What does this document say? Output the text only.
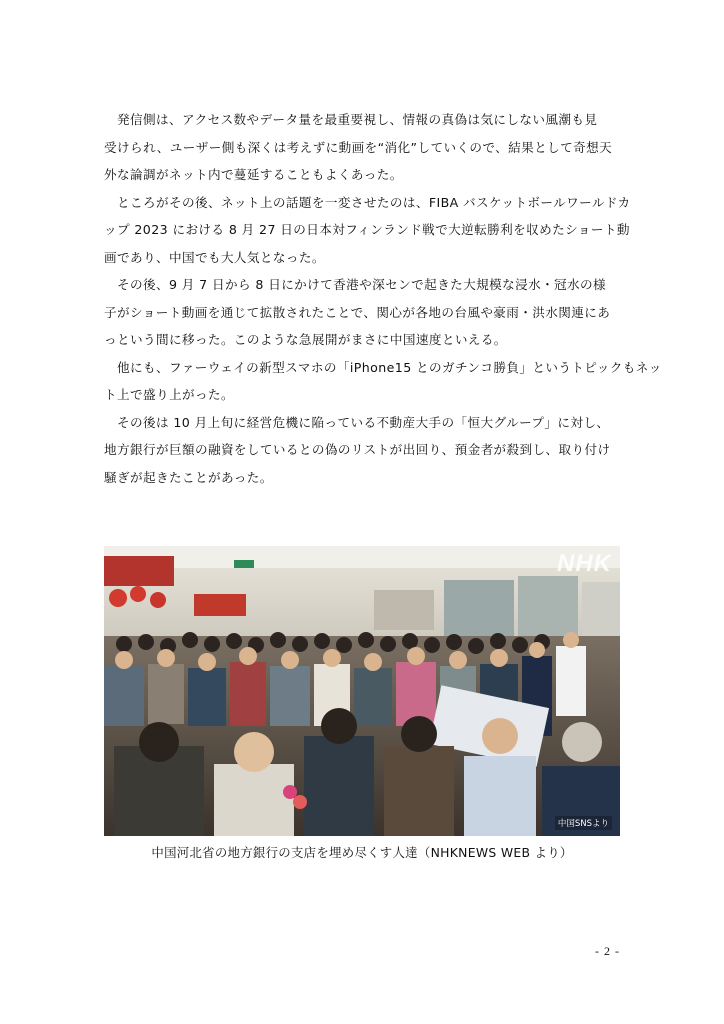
　発信側は、アクセス数やデータ量を最重要視し、情報の真偽は気にしない風潮も見
受けられ、ユーザー側も深くは考えずに動画を“消化”していくので、結果として奇想天
外な論調がネット内で蔓延することもよくあった。

　ところがその後、ネット上の話題を一変させたのは、FIBA バスケットボールワールドカ
ップ 2023 における 8 月 27 日の日本対フィンランド戦で大逆転勝利を収めたショート動
画であり、中国でも大人気となった。

　その後、9 月 7 日から 8 日にかけて香港や深センで起きた大規模な浸水・冠水の様
子がショート動画を通じて拡散されたことで、関心が各地の台風や豪雨・洪水関連にあ
っという間に移った。このような急展開がまさに中国速度といえる。

　他にも、ファーウェイの新型スマホの「iPhone15 とのガチンコ勝負」というトピックもネッ
ト上で盛り上がった。

　その後は 10 月上旬に経営危機に陥っている不動産大手の「恒大グループ」に対し、
地方銀行が巨額の融資をしているとの偽のリストが出回り、預金者が殺到し、取り付け
騒ぎが起きたことがあった。

NHK
中国SNSより
中国河北省の地方銀行の支店を埋め尽くす人達（NHKNEWS WEB より）
- 2 -
